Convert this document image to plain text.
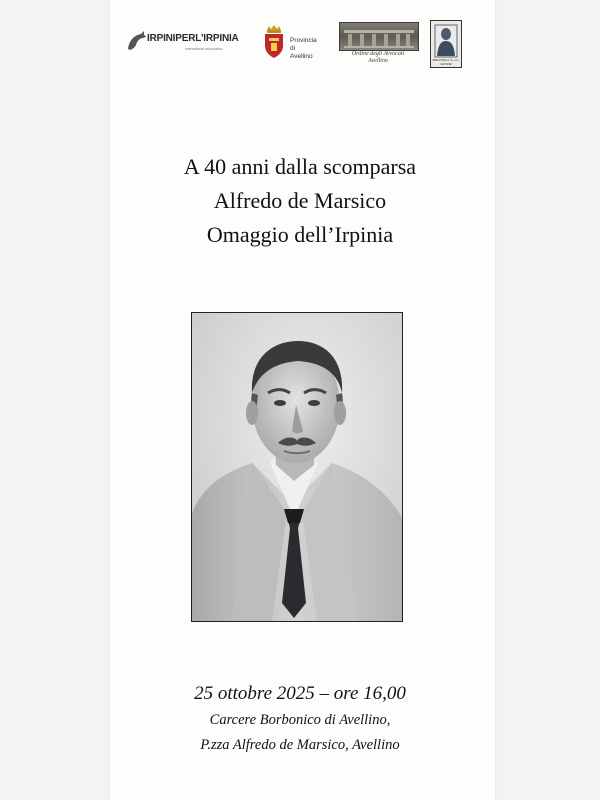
IRPINIPERL'IRPINIA
international association
Provincia di
Avellino	Ordine degli Avvocati
Avellino	BIBLIOTECA "S. e G. CAPONE"
A 40 anni dalla scomparsa
Alfredo de Marsico
Omaggio dell’Irpinia
25 ottobre 2025 – ore 16,00
Carcere Borbonico di Avellino,
P.zza Alfredo de Marsico, Avellino
